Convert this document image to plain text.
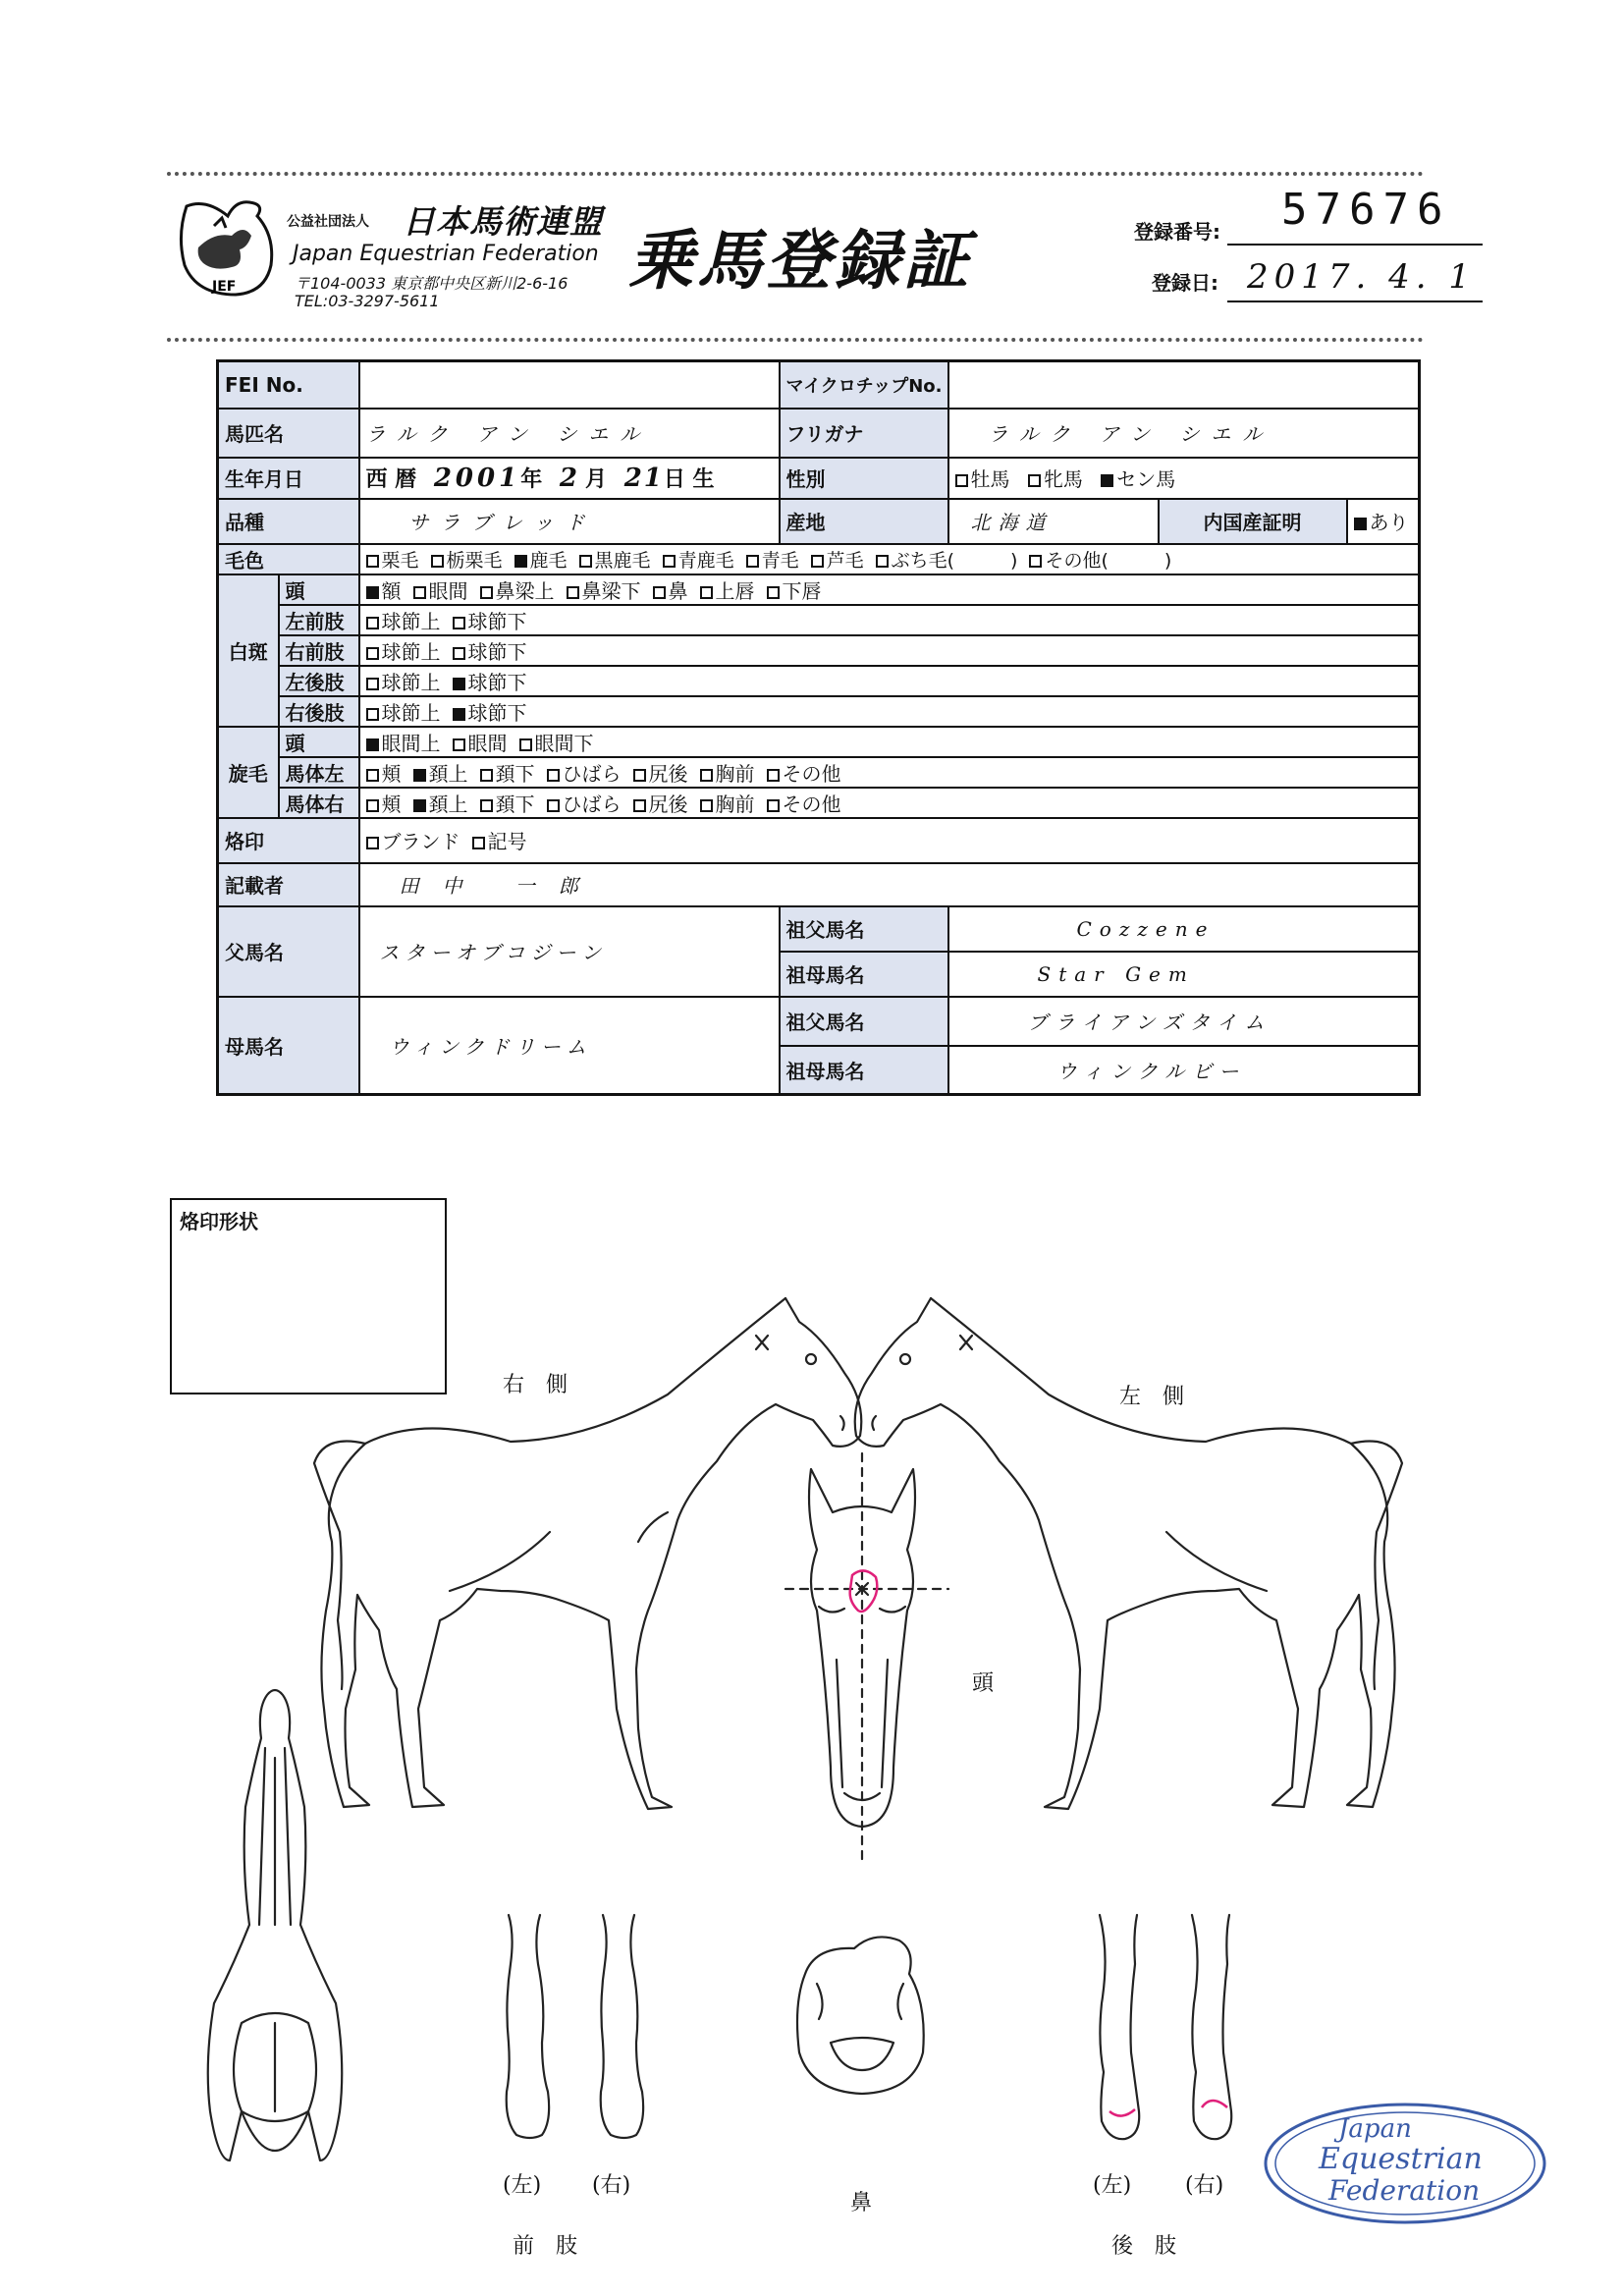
JEF
公益社団法人 日本馬術連盟
Japan Equestrian Federation
〒104-0033 東京都中央区新川2-6-16
TEL:03-3297-5611
乗馬登録証	登録番号: 57676
登録日: 2017. 4. 1
FEI No.			マイクロチップNo.			
馬匹名		ラルク アン シエル	フリガナ	ラルク アン シエル		
生年月日		西 暦 2001年 2月 21日 生	性別	牡馬 牝馬 セン馬		
品種		サラブレッド	産地	北海道	内国産証明	あり
毛色		栗毛 栃栗毛 鹿毛 黒鹿毛 青鹿毛 青毛 芦毛 ぶち毛(　　　) その他(　　　)				
白斑	頭	額 眼間 鼻梁上 鼻梁下 鼻 上唇 下唇				
	左前肢	球節上 球節下				
	右前肢	球節上 球節下				
	左後肢	球節上 球節下				
	右後肢	球節上 球節下				
旋毛	頭	眼間上 眼間 眼間下				
	馬体左	頬 頚上 頚下 ひばら 尻後 胸前 その他				
	馬体右	頬 頚上 頚下 ひばら 尻後 胸前 その他				
烙印		ブランド 記号				
記載者		田中 一郎				
父馬名		スターオブコジーン	祖父馬名	Cozzene		
			祖母馬名	Star Gem		
母馬名		ウィンクドリーム	祖父馬名	ブライアンズタイム		
			祖母馬名	ウィンクルビー		
烙印形状
右　側	左　側
頭
(左) (右)
前　肢
鼻
(左) (右)
後　肢
Japan
Equestrian
Federation
